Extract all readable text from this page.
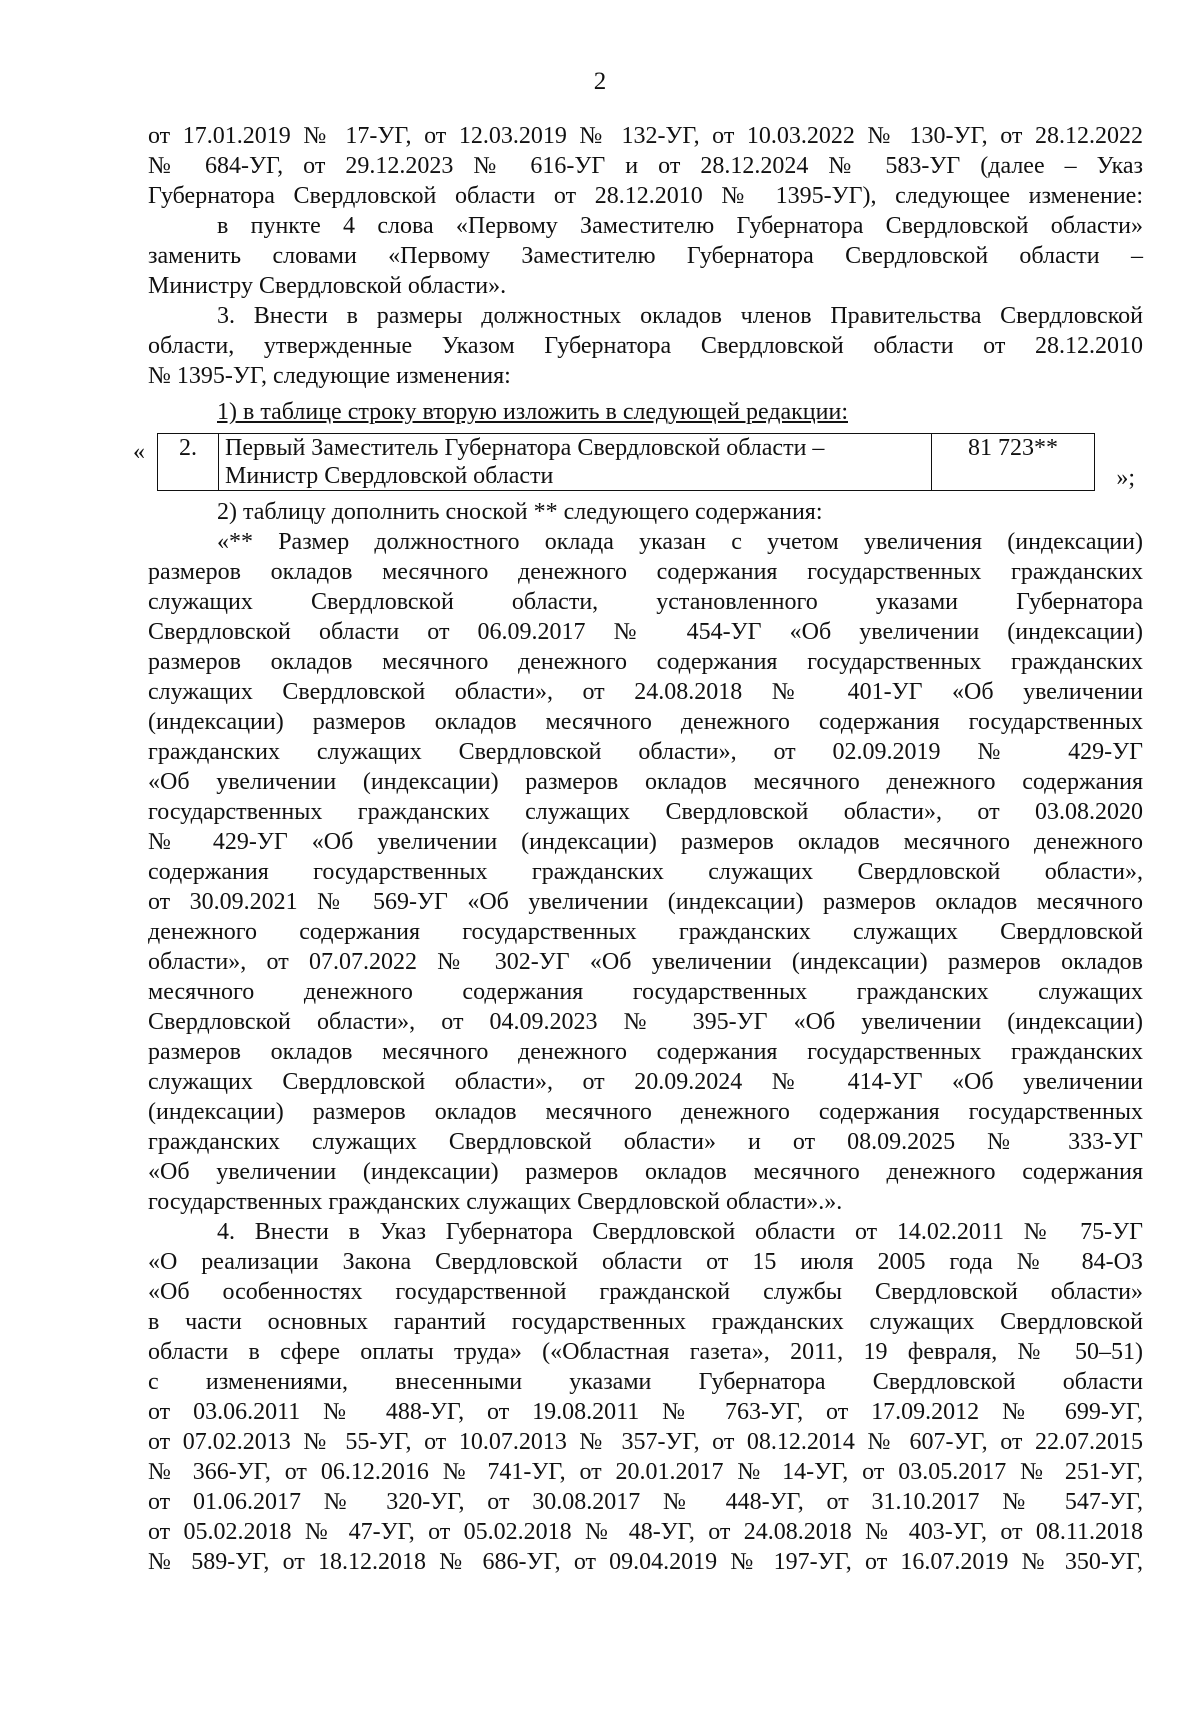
2
от 17.01.2019 № 17-УГ, от 12.03.2019 № 132-УГ, от 10.03.2022 № 130-УГ, от 28.12.2022
№ 684-УГ, от 29.12.2023 № 616-УГ и от 28.12.2024 № 583-УГ (далее – Указ
Губернатора Свердловской области от 28.12.2010 № 1395-УГ), следующее изменение:
в пункте 4 слова «Первому Заместителю Губернатора Свердловской области»
заменить словами «Первому Заместителю Губернатора Свердловской области –
Министру Свердловской области».
3. Внести в размеры должностных окладов членов Правительства Свердловской
области, утвержденные Указом Губернатора Свердловской области от 28.12.2010
№ 1395-УГ, следующие изменения:
1) в таблице строку вторую изложить в следующей редакции:
« 2.	Первый Заместитель Губернатора Свердловской области –
Министр Свердловской области
	81 723**
»;
2) таблицу дополнить сноской ** следующего содержания:
«** Размер должностного оклада указан с учетом увеличения (индексации)
размеров окладов месячного денежного содержания государственных гражданских
служащих Свердловской области, установленного указами Губернатора
Свердловской области от 06.09.2017 № 454-УГ «Об увеличении (индексации)
размеров окладов месячного денежного содержания государственных гражданских
служащих Свердловской области», от 24.08.2018 № 401-УГ «Об увеличении
(индексации) размеров окладов месячного денежного содержания государственных
гражданских служащих Свердловской области», от 02.09.2019 № 429-УГ
«Об увеличении (индексации) размеров окладов месячного денежного содержания
государственных гражданских служащих Свердловской области», от 03.08.2020
№ 429-УГ «Об увеличении (индексации) размеров окладов месячного денежного
содержания государственных гражданских служащих Свердловской области»,
от 30.09.2021 № 569-УГ «Об увеличении (индексации) размеров окладов месячного
денежного содержания государственных гражданских служащих Свердловской
области», от 07.07.2022 № 302-УГ «Об увеличении (индексации) размеров окладов
месячного денежного содержания государственных гражданских служащих
Свердловской области», от 04.09.2023 № 395-УГ «Об увеличении (индексации)
размеров окладов месячного денежного содержания государственных гражданских
служащих Свердловской области», от 20.09.2024 № 414-УГ «Об увеличении
(индексации) размеров окладов месячного денежного содержания государственных
гражданских служащих Свердловской области» и от 08.09.2025 № 333-УГ
«Об увеличении (индексации) размеров окладов месячного денежного содержания
государственных гражданских служащих Свердловской области».».
4. Внести в Указ Губернатора Свердловской области от 14.02.2011 № 75-УГ
«О реализации Закона Свердловской области от 15 июля 2005 года № 84-ОЗ
«Об особенностях государственной гражданской службы Свердловской области»
в части основных гарантий государственных гражданских служащих Свердловской
области в сфере оплаты труда» («Областная газета», 2011, 19 февраля, № 50–51)
с изменениями, внесенными указами Губернатора Свердловской области
от 03.06.2011 № 488-УГ, от 19.08.2011 № 763-УГ, от 17.09.2012 № 699-УГ,
от 07.02.2013 № 55-УГ, от 10.07.2013 № 357-УГ, от 08.12.2014 № 607-УГ, от 22.07.2015
№ 366-УГ, от 06.12.2016 № 741-УГ, от 20.01.2017 № 14-УГ, от 03.05.2017 № 251-УГ,
от 01.06.2017 № 320-УГ, от 30.08.2017 № 448-УГ, от 31.10.2017 № 547-УГ,
от 05.02.2018 № 47-УГ, от 05.02.2018 № 48-УГ, от 24.08.2018 № 403-УГ, от 08.11.2018
№ 589-УГ, от 18.12.2018 № 686-УГ, от 09.04.2019 № 197-УГ, от 16.07.2019 № 350-УГ,
